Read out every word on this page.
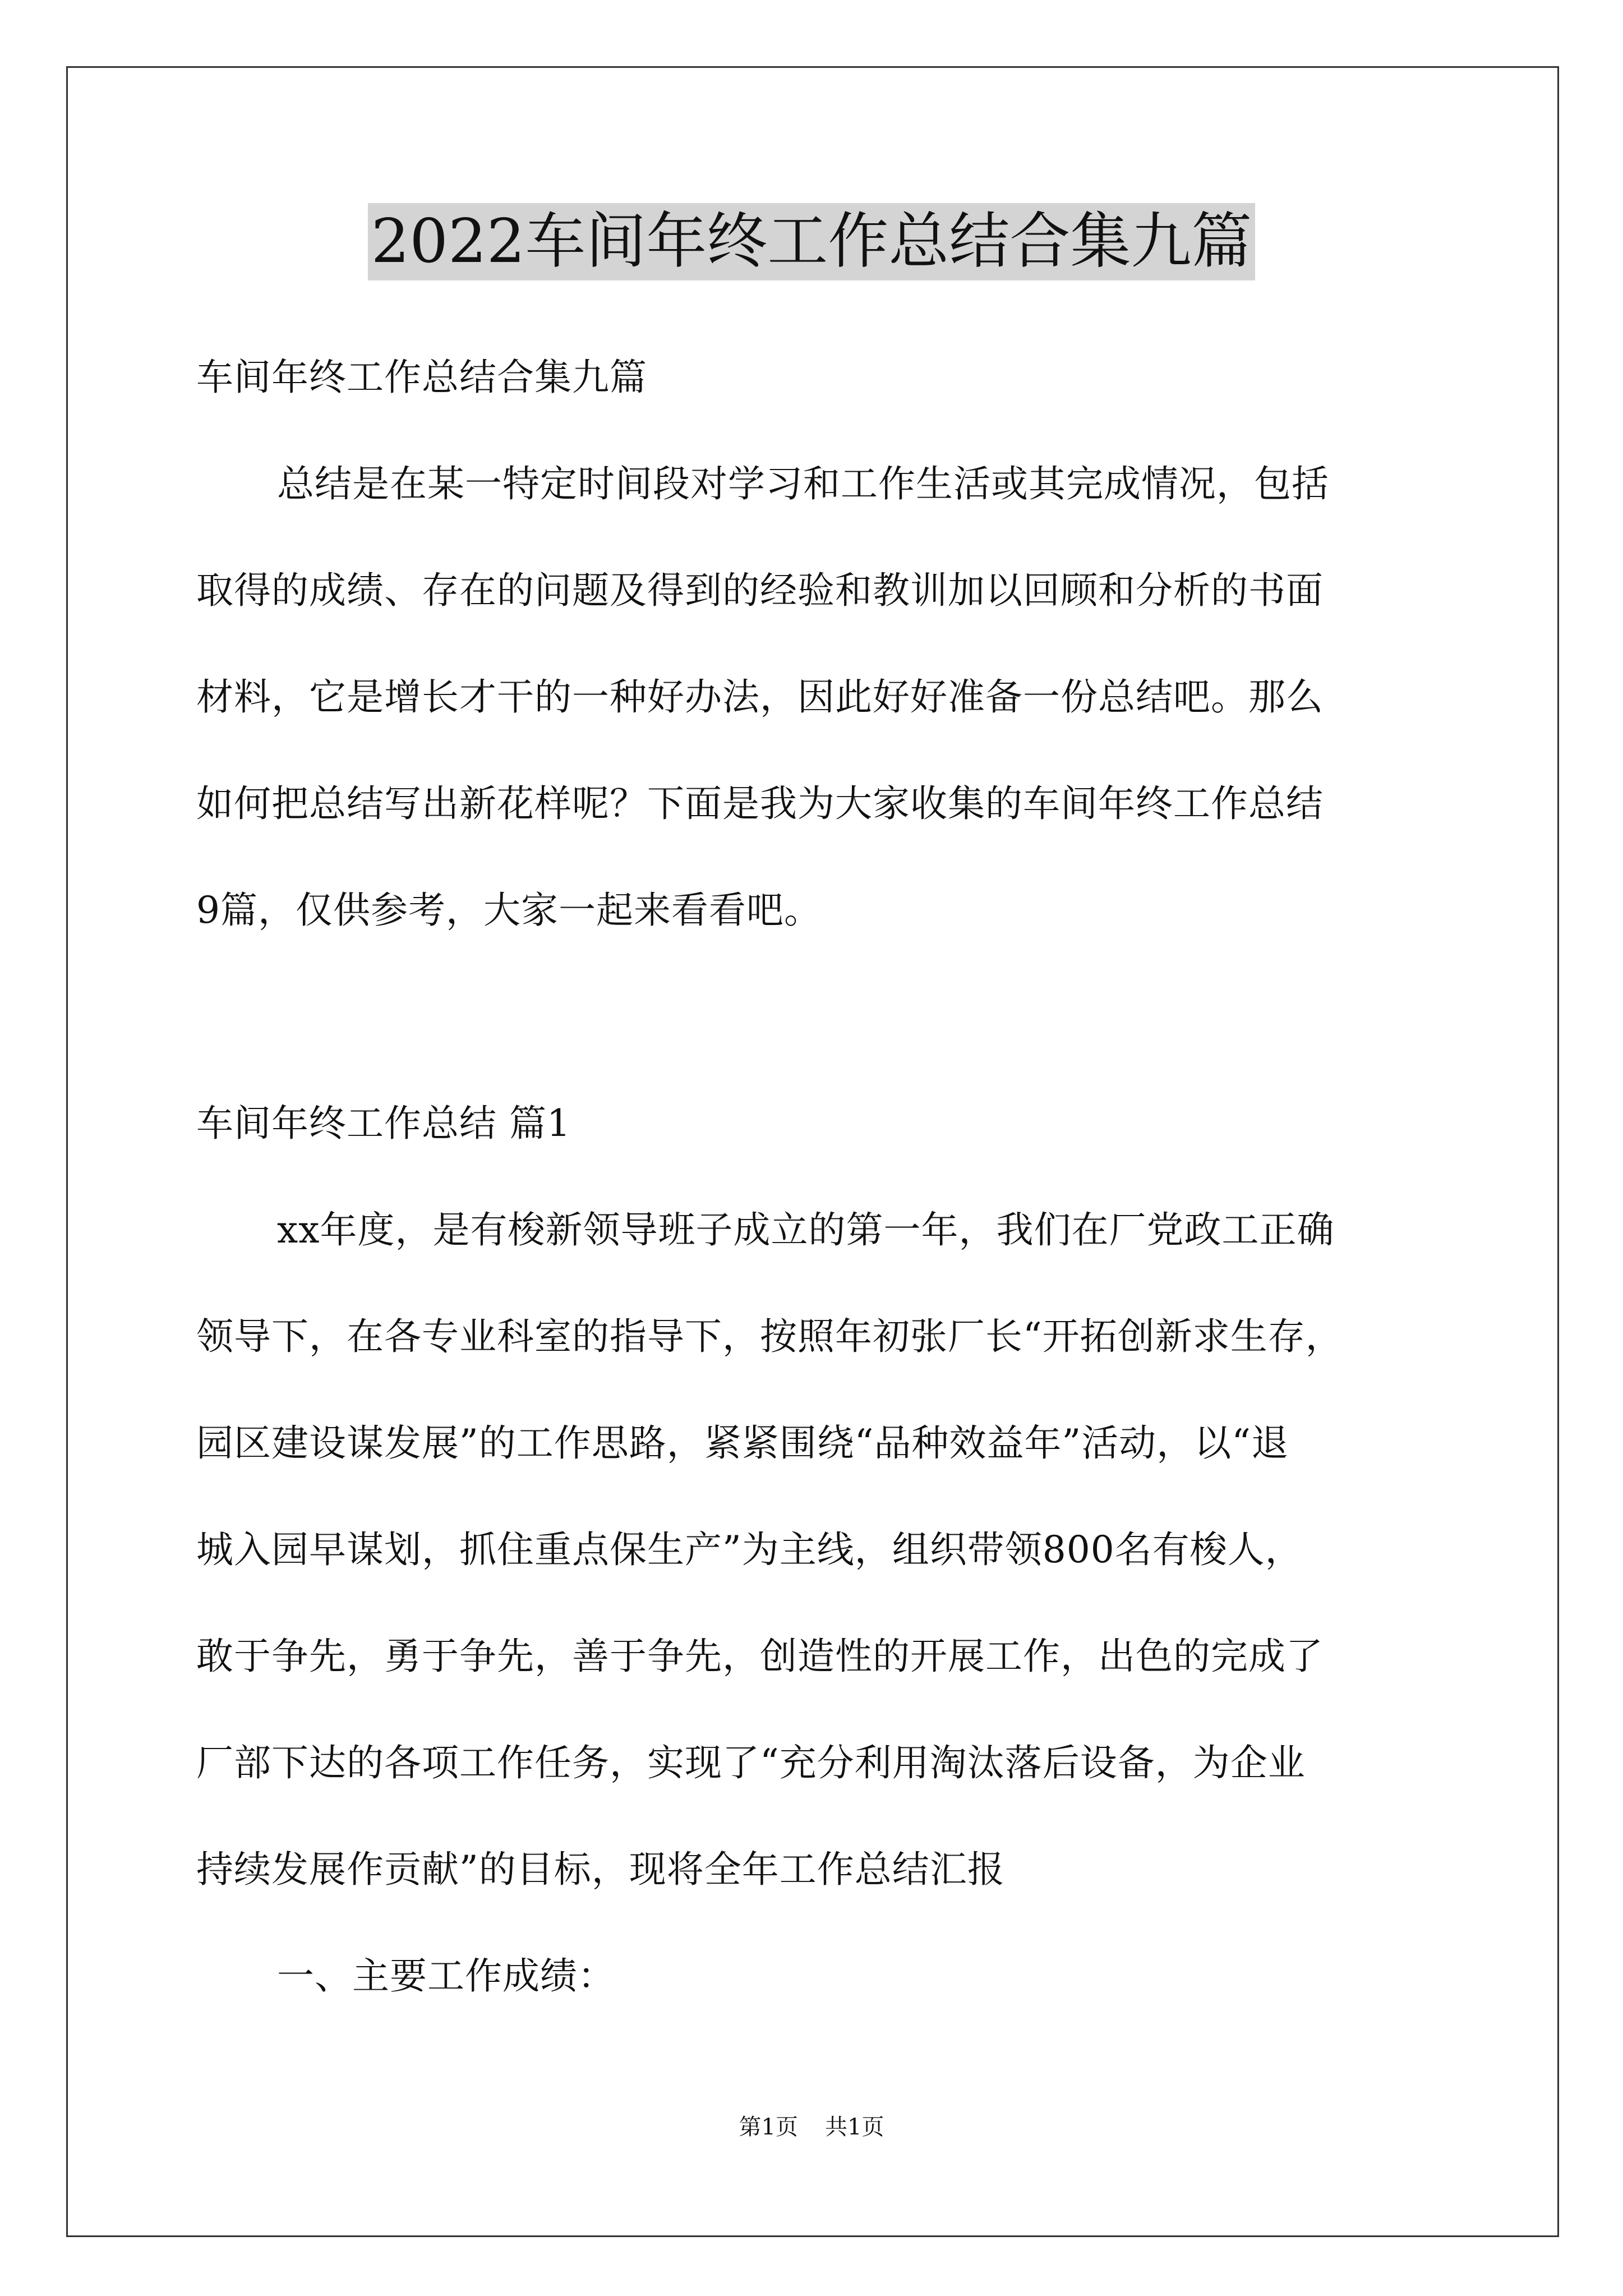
2022车间年终工作总结合集九篇
车间年终工作总结合集九篇
总结是在某一特定时间段对学习和工作生活或其完成情况，包括
取得的成绩、存在的问题及得到的经验和教训加以回顾和分析的书面
材料，它是增长才干的一种好办法，因此好好准备一份总结吧。那么
如何把总结写出新花样呢？下面是我为大家收集的车间年终工作总结
9篇，仅供参考，大家一起来看看吧。
车间年终工作总结 篇1
xx年度，是有梭新领导班子成立的第一年，我们在厂党政工正确
领导下，在各专业科室的指导下，按照年初张厂长“开拓创新求生存，
园区建设谋发展”的工作思路，紧紧围绕“品种效益年”活动，以“退
城入园早谋划，抓住重点保生产”为主线，组织带领800名有梭人，
敢于争先，勇于争先，善于争先，创造性的开展工作，出色的完成了
厂部下达的各项工作任务，实现了“充分利用淘汰落后设备，为企业
持续发展作贡献”的目标，现将全年工作总结汇报
一、主要工作成绩：
第1页 共1页
